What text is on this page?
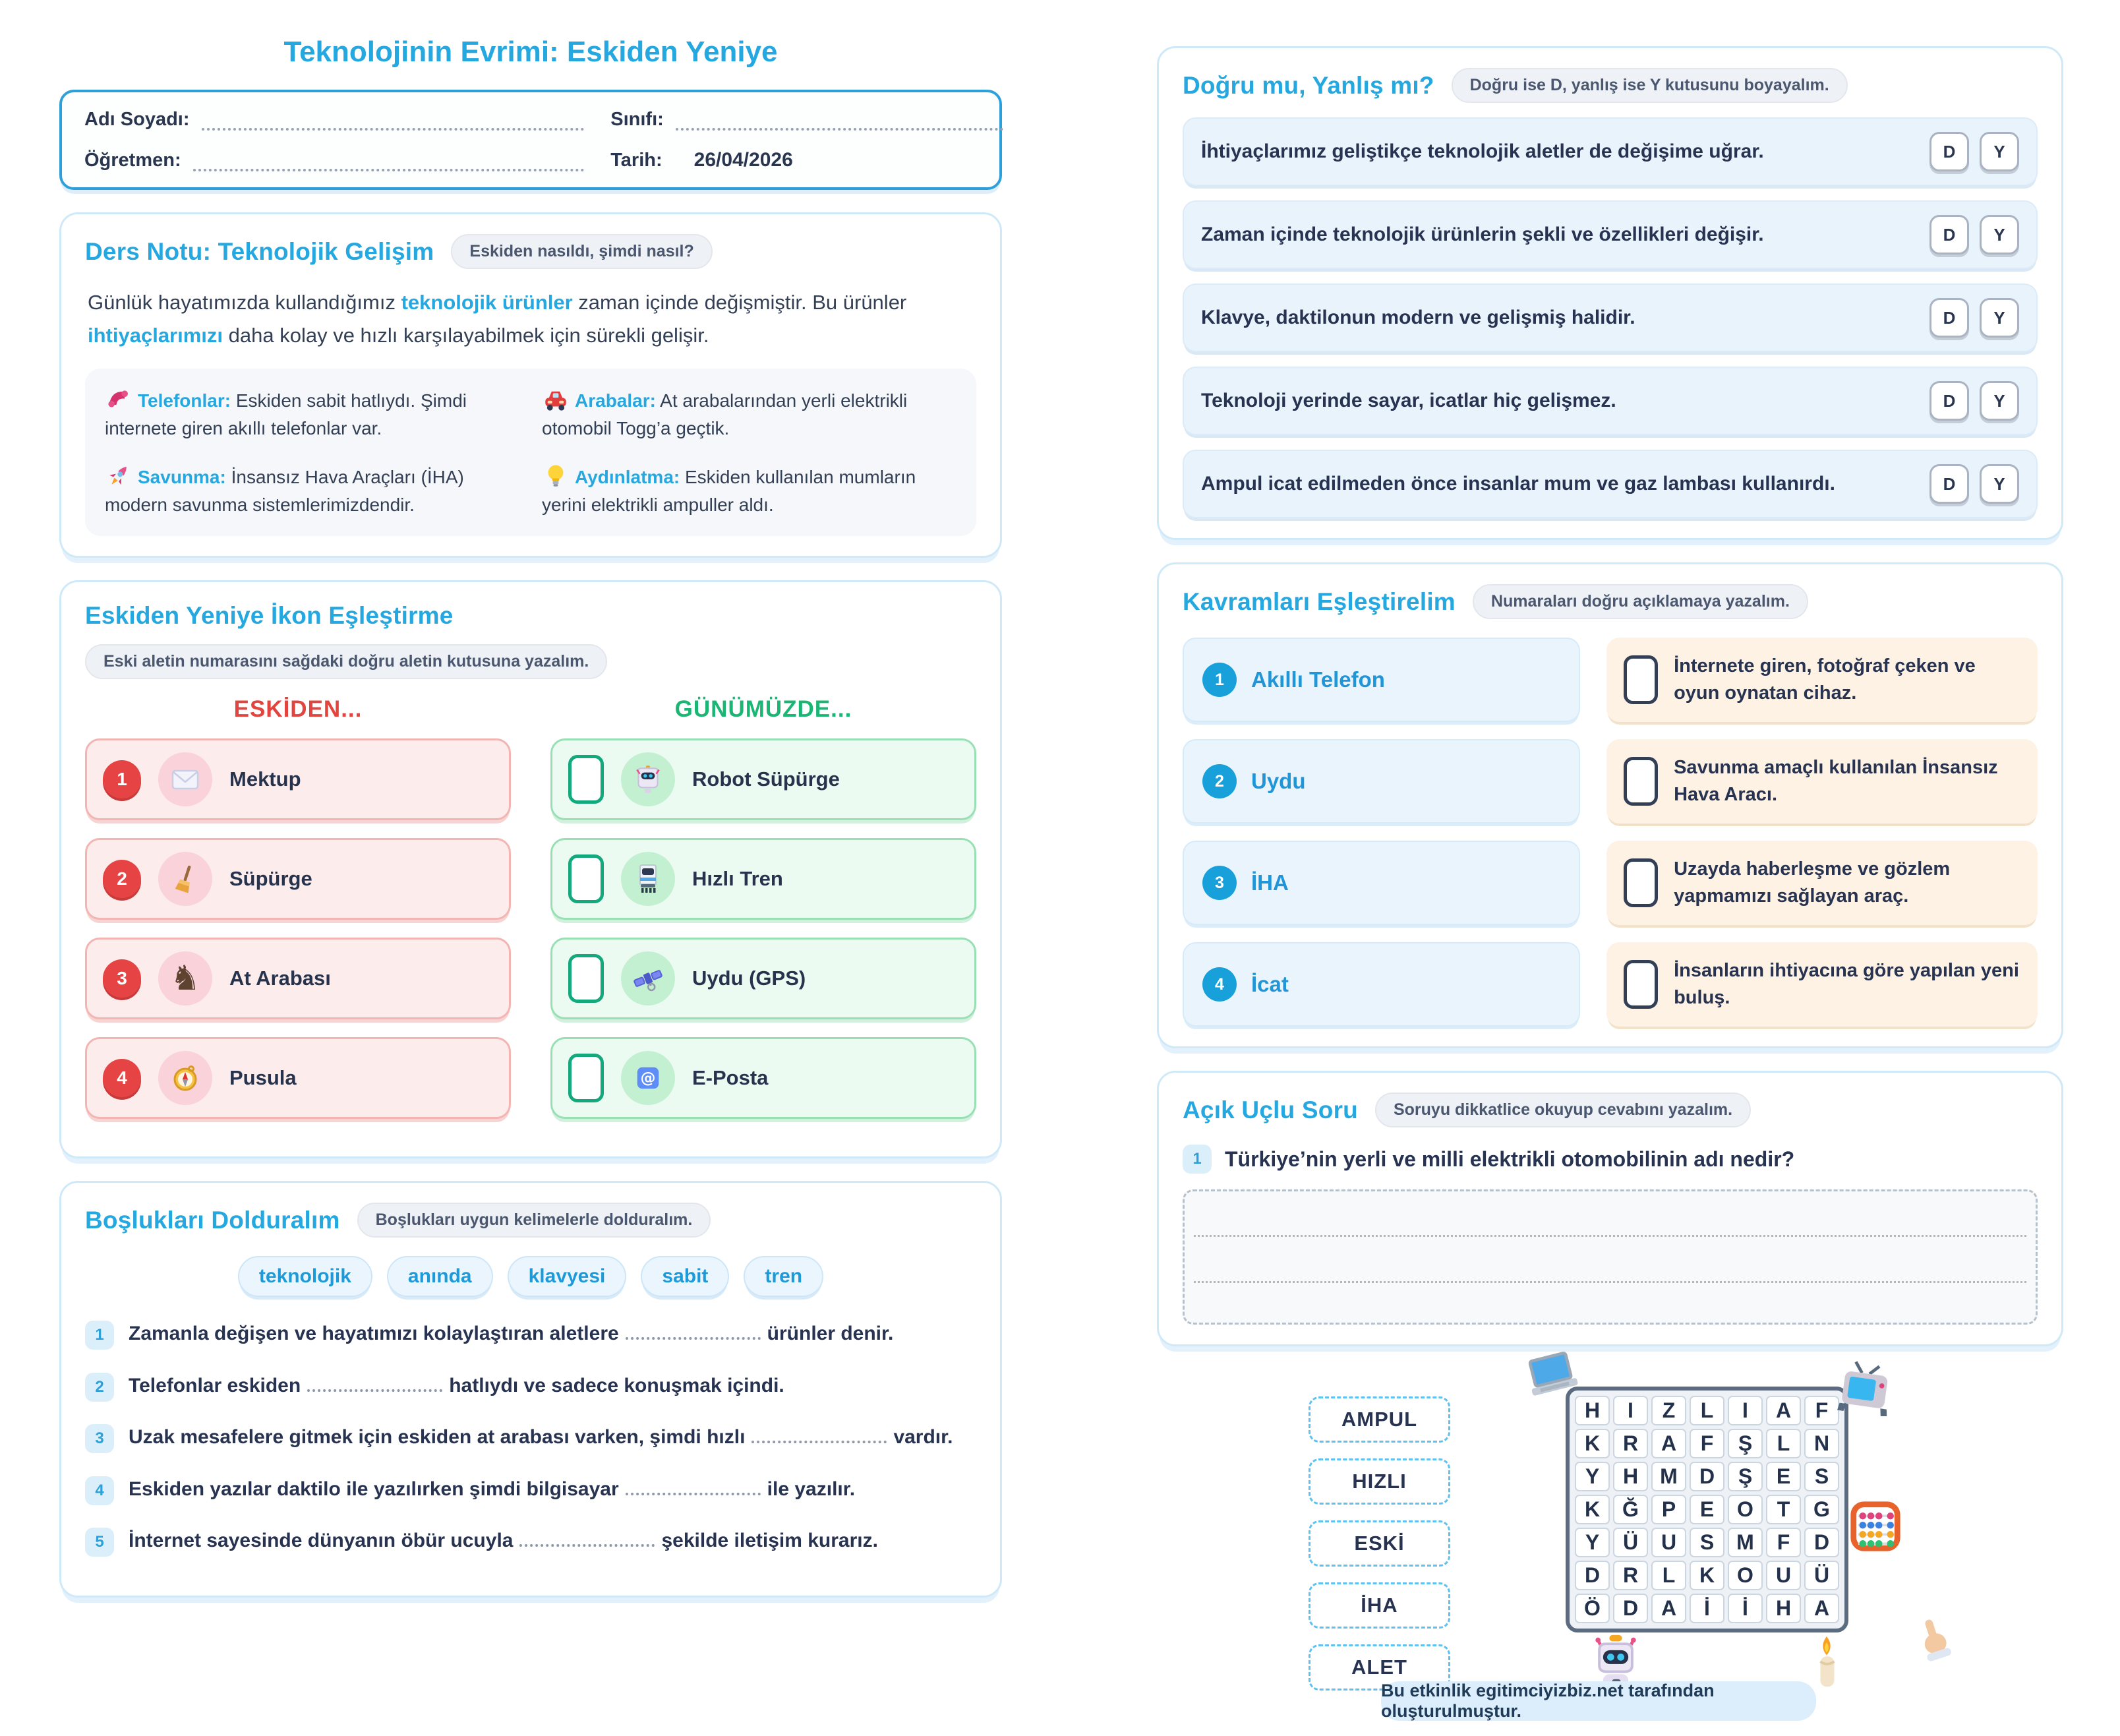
Teknolojinin Evrimi: Eskiden Yeniye
Adı Soyadı:	Sınıfı:
Öğretmen:	Tarih:	26/04/2026
Ders Notu: Teknolojik Gelişim	Eskiden nasıldı, şimdi nasıl?

Günlük hayatımızda kullandığımız teknolojik ürünler zaman içinde değişmiştir. Bu ürünler ihtiyaçlarımızı daha kolay ve hızlı karşılayabilmek için sürekli gelişir.

Telefonlar: Eskiden sabit hatlıydı. Şimdi internete giren akıllı telefonlar var.

Arabalar: At arabalarından yerli elektrikli otomobil Togg’a geçtik.

Savunma: İnsansız Hava Araçları (İHA) modern savunma sistemlerimizdendir.

Aydınlatma: Eskiden kullanılan mumların yerini elektrikli ampuller aldı.

Eskiden Yeniye İkon Eşleştirme
Eski aletin numarasını sağdaki doğru aletin kutusuna yazalım.
ESKİDEN...
1	Mektup
2	Süpürge
3	♞ At Arabası
4	Pusula
GÜNÜMÜZDE...
Robot Süpürge
Hızlı Tren
Uydu (GPS)
@ E-Posta
Boşlukları Dolduralım	Boşlukları uygun kelimelerle dolduralım.
teknolojik	anında	klavyesi	sabit	tren
1	Zamanla değişen ve hayatımızı kolaylaştıran aletlere	ürünler denir.

2	Telefonlar eskiden	hatlıydı ve sadece konuşmak içindi.

3	Uzak mesafelere gitmek için eskiden at arabası varken, şimdi hızlı	vardır.

4	Eskiden yazılar daktilo ile yazılırken şimdi bilgisayar	ile yazılır.

5	İnternet sayesinde dünyanın öbür ucuyla	şekilde iletişim kurarız.

Doğru mu, Yanlış mı?	Doğru ise D, yanlış ise Y kutusunu boyayalım.
İhtiyaçlarımız geliştikçe teknolojik aletler de değişime uğrar.	D	Y
Zaman içinde teknolojik ürünlerin şekli ve özellikleri değişir.	D	Y
Klavye, daktilonun modern ve gelişmiş halidir.	D	Y
Teknoloji yerinde sayar, icatlar hiç gelişmez.	D	Y
Ampul icat edilmeden önce insanlar mum ve gaz lambası kullanırdı.	D	Y
Kavramları Eşleştirelim	Numaraları doğru açıklamaya yazalım.
1	Akıllı Telefon
İnternete giren, fotoğraf çeken ve oyun oynatan cihaz.
2	Uydu
Savunma amaçlı kullanılan İnsansız Hava Aracı.
3	İHA
Uzayda haberleşme ve gözlem yapmamızı sağlayan araç.
4	İcat
İnsanların ihtiyacına göre yapılan yeni buluş.
Açık Uçlu Soru	Soruyu dikkatlice okuyup cevabını yazalım.
1	Türkiye’nin yerli ve milli elektrikli otomobilinin adı nedir?
AMPUL
HIZLI
ESKİ
İHA
ALET
H	I	Z	L	I	A	F
K	R	A	F	Ş	L	N
Y	H	M	D	Ş	E	S
K	Ğ	P	E	O	T	G
Y	Ü	U	S	M	F	D
D	R	L	K	O	U	Ü
Ö	D	A	İ	İ	H	A
Bu etkinlik egitimciyizbiz.net tarafından oluşturulmuştur.
